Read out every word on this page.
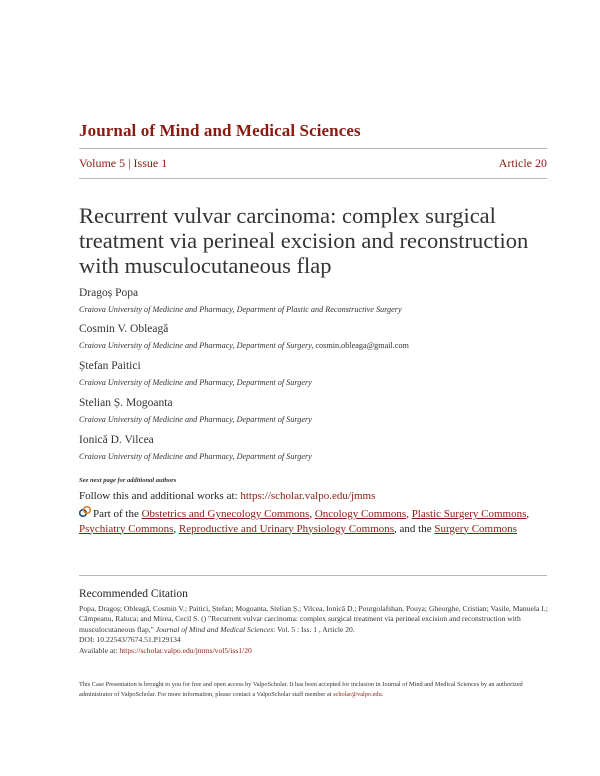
Journal of Mind and Medical Sciences
Volume 5 | Issue 1	Article 20
Recurrent vulvar carcinoma: complex surgical treatment via perineal excision and reconstruction with musculocutaneous flap
Dragoș Popa
Craiova University of Medicine and Pharmacy, Department of Plastic and Reconstructive Surgery
Cosmin V. Obleagă
Craiova University of Medicine and Pharmacy, Department of Surgery, cosmin.obleaga@gmail.com
Ștefan Paitici
Craiova University of Medicine and Pharmacy, Department of Surgery
Stelian Ș. Mogoanta
Craiova University of Medicine and Pharmacy, Department of Surgery
Ionică D. Vilcea
Craiova University of Medicine and Pharmacy, Department of Surgery
See next page for additional authors
Follow this and additional works at: https://scholar.valpo.edu/jmms
Part of the Obstetrics and Gynecology Commons, Oncology Commons, Plastic Surgery Commons, Psychiatry Commons, Reproductive and Urinary Physiology Commons, and the Surgery Commons
Recommended Citation
Popa, Dragoș; Obleagă, Cosmin V.; Paitici, Ștefan; Mogoanta, Stelian Ș.; Vilcea, Ionică D.; Pourgolafshan, Pouya; Gheorghe, Cristian; Vasile, Manuela I.; Câmpeanu, Raluca; and Mirea, Cecil S. () "Recurrent vulvar carcinoma: complex surgical treatment via perineal excision and reconstruction with musculocutaneous flap," Journal of Mind and Medical Sciences: Vol. 5 : Iss. 1 , Article 20.
DOI: 10.22543/7674.51.P129134
Available at: https://scholar.valpo.edu/jmms/vol5/iss1/20
This Case Presentation is brought to you for free and open access by ValpoScholar. It has been accepted for inclusion in Journal of Mind and Medical Sciences by an authorized administrator of ValpoScholar. For more information, please contact a ValpoScholar staff member at scholar@valpo.edu.
